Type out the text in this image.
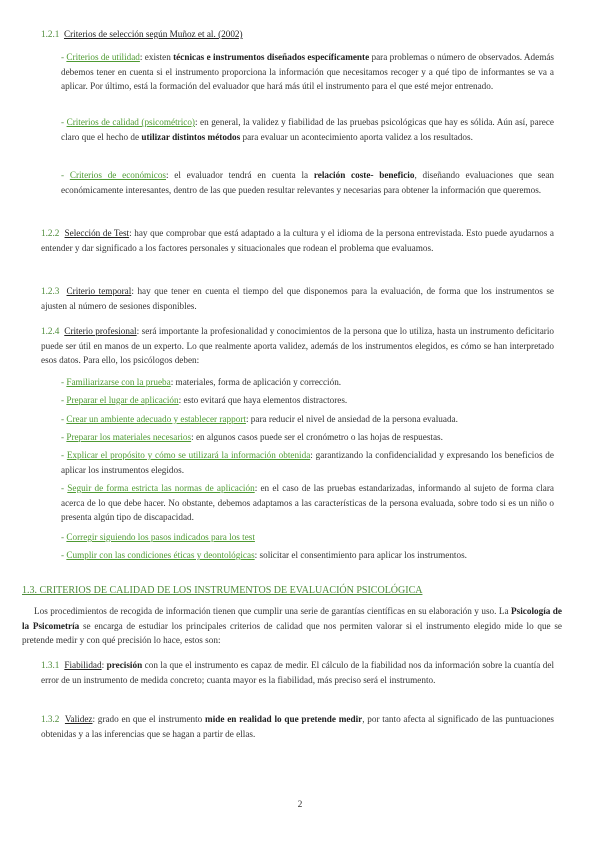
1.2.1 Criterios de selección según Muñoz et al. (2002)
- Criterios de utilidad: existen técnicas e instrumentos diseñados específicamente para problemas o número de observados. Además debemos tener en cuenta si el instrumento proporciona la información que necesitamos recoger y a qué tipo de informantes se va a aplicar. Por último, está la formación del evaluador que hará más útil el instrumento para el que esté mejor entrenado.
- Criterios de calidad (psicométrico): en general, la validez y fiabilidad de las pruebas psicológicas que hay es sólida. Aún así, parece claro que el hecho de utilizar distintos métodos para evaluar un acontecimiento aporta validez a los resultados.
- Criterios de económicos: el evaluador tendrá en cuenta la relación coste- beneficio, diseñando evaluaciones que sean económicamente interesantes, dentro de las que pueden resultar relevantes y necesarias para obtener la información que queremos.
1.2.2 Selección de Test: hay que comprobar que está adaptado a la cultura y el idioma de la persona entrevistada. Esto puede ayudarnos a entender y dar significado a los factores personales y situacionales que rodean el problema que evaluamos.
1.2.3 Criterio temporal: hay que tener en cuenta el tiempo del que disponemos para la evaluación, de forma que los instrumentos se ajusten al número de sesiones disponibles.
1.2.4 Criterio profesional: será importante la profesionalidad y conocimientos de la persona que lo utiliza, hasta un instrumento deficitario puede ser útil en manos de un experto. Lo que realmente aporta validez, además de los instrumentos elegidos, es cómo se han interpretado esos datos. Para ello, los psicólogos deben:
- Familiarizarse con la prueba: materiales, forma de aplicación y corrección.
- Preparar el lugar de aplicación: esto evitará que haya elementos distractores.
- Crear un ambiente adecuado y establecer rapport: para reducir el nivel de ansiedad de la persona evaluada.
- Preparar los materiales necesarios: en algunos casos puede ser el cronómetro o las hojas de respuestas.
- Explicar el propósito y cómo se utilizará la información obtenida: garantizando la confidencialidad y expresando los beneficios de aplicar los instrumentos elegidos.
- Seguir de forma estricta las normas de aplicación: en el caso de las pruebas estandarizadas, informando al sujeto de forma clara acerca de lo que debe hacer. No obstante, debemos adaptamos a las características de la persona evaluada, sobre todo si es un niño o presenta algún tipo de discapacidad.
- Corregir siguiendo los pasos indicados para los test
- Cumplir con las condiciones éticas y deontológicas: solicitar el consentimiento para aplicar los instrumentos.
1.3. CRITERIOS DE CALIDAD DE LOS INSTRUMENTOS DE EVALUACIÓN PSICOLÓGICA
Los procedimientos de recogida de información tienen que cumplir una serie de garantías científicas en su elaboración y uso. La Psicología de la Psicometría se encarga de estudiar los principales criterios de calidad que nos permiten valorar si el instrumento elegido mide lo que se pretende medir y con qué precisión lo hace, estos son:
1.3.1 Fiabilidad: precisión con la que el instrumento es capaz de medir. El cálculo de la fiabilidad nos da información sobre la cuantía del error de un instrumento de medida concreto; cuanta mayor es la fiabilidad, más preciso será el instrumento.
1.3.2 Validez: grado en que el instrumento mide en realidad lo que pretende medir, por tanto afecta al significado de las puntuaciones obtenidas y a las inferencias que se hagan a partir de ellas.
2
